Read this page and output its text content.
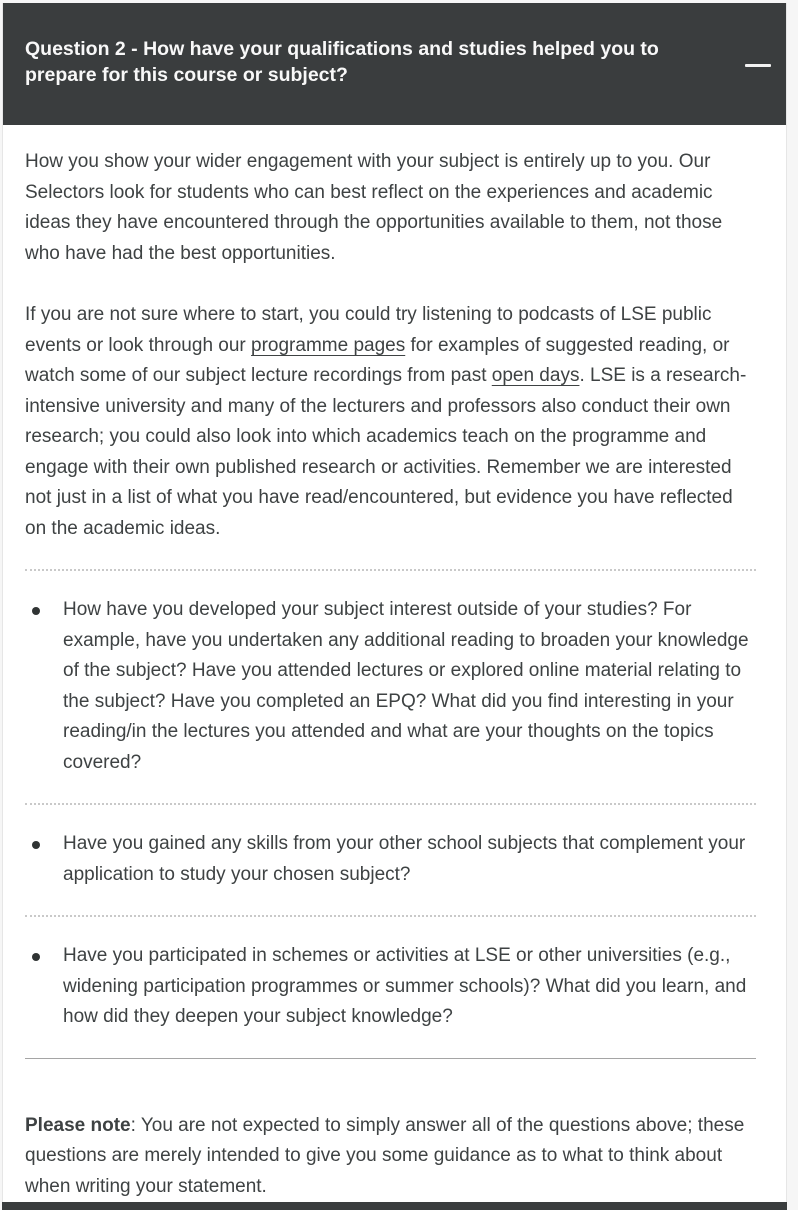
Question 2 - How have your qualifications and studies helped you to prepare for this course or subject?

How you show your wider engagement with your subject is entirely up to you. Our Selectors look for students who can best reflect on the experiences and academic ideas they have encountered through the opportunities available to them, not those who have had the best opportunities.

If you are not sure where to start, you could try listening to podcasts of LSE public events or look through our programme pages for examples of suggested reading, or watch some of our subject lecture recordings from past open days. LSE is a research-intensive university and many of the lecturers and professors also conduct their own research; you could also look into which academics teach on the programme and engage with their own published research or activities. Remember we are interested not just in a list of what you have read/encountered, but evidence you have reflected on the academic ideas.

How have you developed your subject interest outside of your studies? For example, have you undertaken any additional reading to broaden your knowledge of the subject? Have you attended lectures or explored online material relating to the subject? Have you completed an EPQ? What did you find interesting in your reading/in the lectures you attended and what are your thoughts on the topics covered?
Have you gained any skills from your other school subjects that complement your application to study your chosen subject?
Have you participated in schemes or activities at LSE or other universities (e.g., widening participation programmes or summer schools)? What did you learn, and how did they deepen your subject knowledge?

Please note: You are not expected to simply answer all of the questions above; these questions are merely intended to give you some guidance as to what to think about when writing your statement.
